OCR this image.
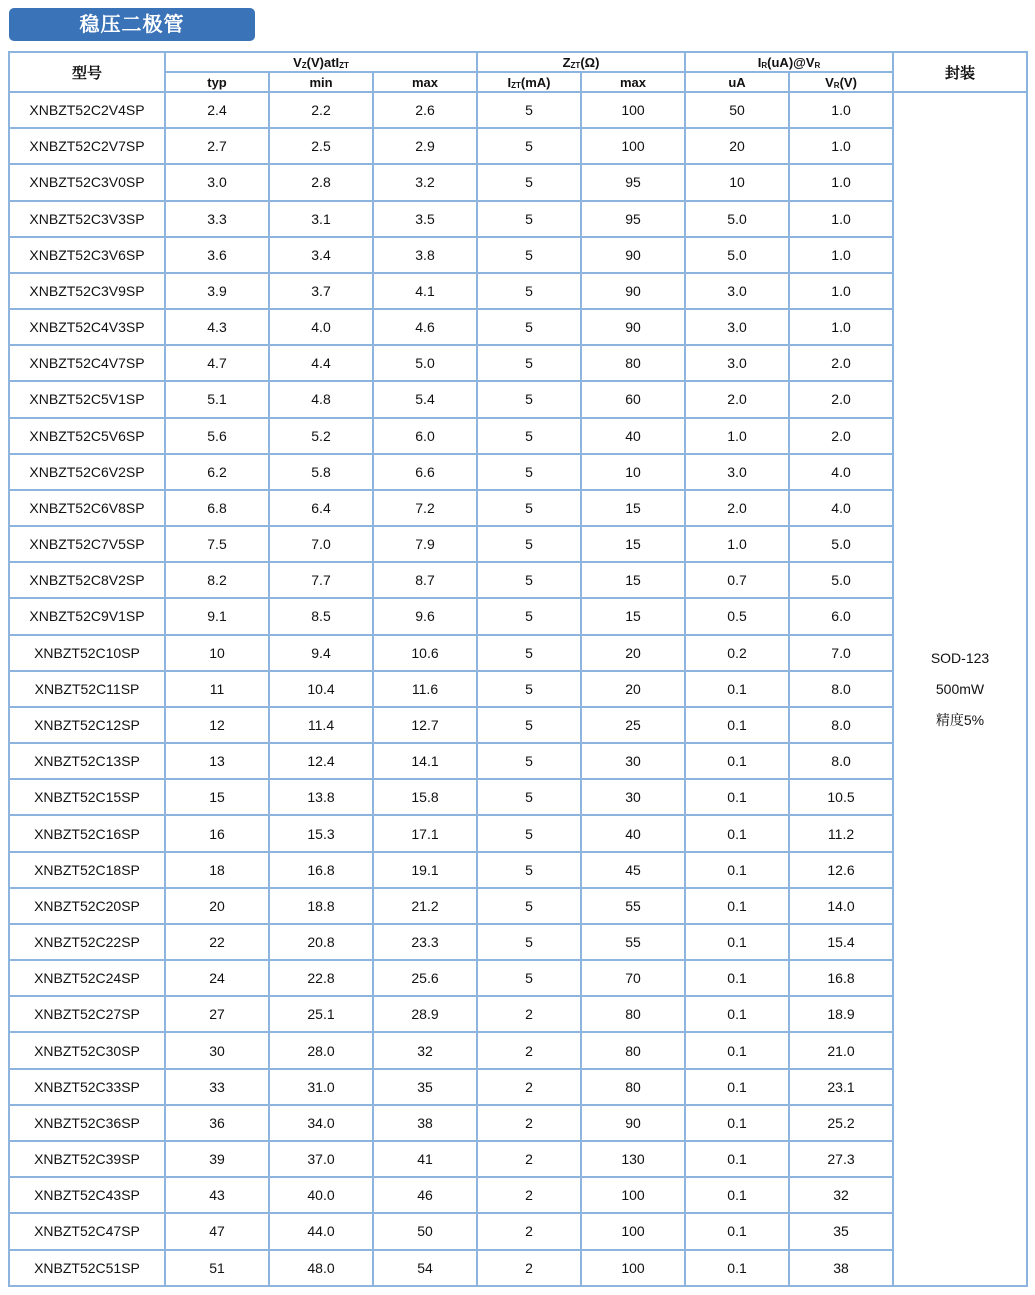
稳压二极管
型号	$V_Z(V)atI_{ZT}$			$Z_{ZT}(\Omega)$		$I_R(uA)@V_R$		封装
	typ	min	max	$I_{ZT}(mA)$	max	uA	$V_R(V)$	
XNBZT52C2V4SP	2.4	2.2	2.6	5	100	50	1.0	SOD-123
500mW
精度5%

XNBZT52C2V7SP	2.7	2.5	2.9	5	100	20	1.0	
XNBZT52C3V0SP	3.0	2.8	3.2	5	95	10	1.0	
XNBZT52C3V3SP	3.3	3.1	3.5	5	95	5.0	1.0	
XNBZT52C3V6SP	3.6	3.4	3.8	5	90	5.0	1.0	
XNBZT52C3V9SP	3.9	3.7	4.1	5	90	3.0	1.0	
XNBZT52C4V3SP	4.3	4.0	4.6	5	90	3.0	1.0	
XNBZT52C4V7SP	4.7	4.4	5.0	5	80	3.0	2.0	
XNBZT52C5V1SP	5.1	4.8	5.4	5	60	2.0	2.0	
XNBZT52C5V6SP	5.6	5.2	6.0	5	40	1.0	2.0	
XNBZT52C6V2SP	6.2	5.8	6.6	5	10	3.0	4.0	
XNBZT52C6V8SP	6.8	6.4	7.2	5	15	2.0	4.0	
XNBZT52C7V5SP	7.5	7.0	7.9	5	15	1.0	5.0	
XNBZT52C8V2SP	8.2	7.7	8.7	5	15	0.7	5.0	
XNBZT52C9V1SP	9.1	8.5	9.6	5	15	0.5	6.0	
XNBZT52C10SP	10	9.4	10.6	5	20	0.2	7.0	
XNBZT52C11SP	11	10.4	11.6	5	20	0.1	8.0	
XNBZT52C12SP	12	11.4	12.7	5	25	0.1	8.0	
XNBZT52C13SP	13	12.4	14.1	5	30	0.1	8.0	
XNBZT52C15SP	15	13.8	15.8	5	30	0.1	10.5	
XNBZT52C16SP	16	15.3	17.1	5	40	0.1	11.2	
XNBZT52C18SP	18	16.8	19.1	5	45	0.1	12.6	
XNBZT52C20SP	20	18.8	21.2	5	55	0.1	14.0	
XNBZT52C22SP	22	20.8	23.3	5	55	0.1	15.4	
XNBZT52C24SP	24	22.8	25.6	5	70	0.1	16.8	
XNBZT52C27SP	27	25.1	28.9	2	80	0.1	18.9	
XNBZT52C30SP	30	28.0	32	2	80	0.1	21.0	
XNBZT52C33SP	33	31.0	35	2	80	0.1	23.1	
XNBZT52C36SP	36	34.0	38	2	90	0.1	25.2	
XNBZT52C39SP	39	37.0	41	2	130	0.1	27.3	
XNBZT52C43SP	43	40.0	46	2	100	0.1	32	
XNBZT52C47SP	47	44.0	50	2	100	0.1	35	
XNBZT52C51SP	51	48.0	54	2	100	0.1	38	
